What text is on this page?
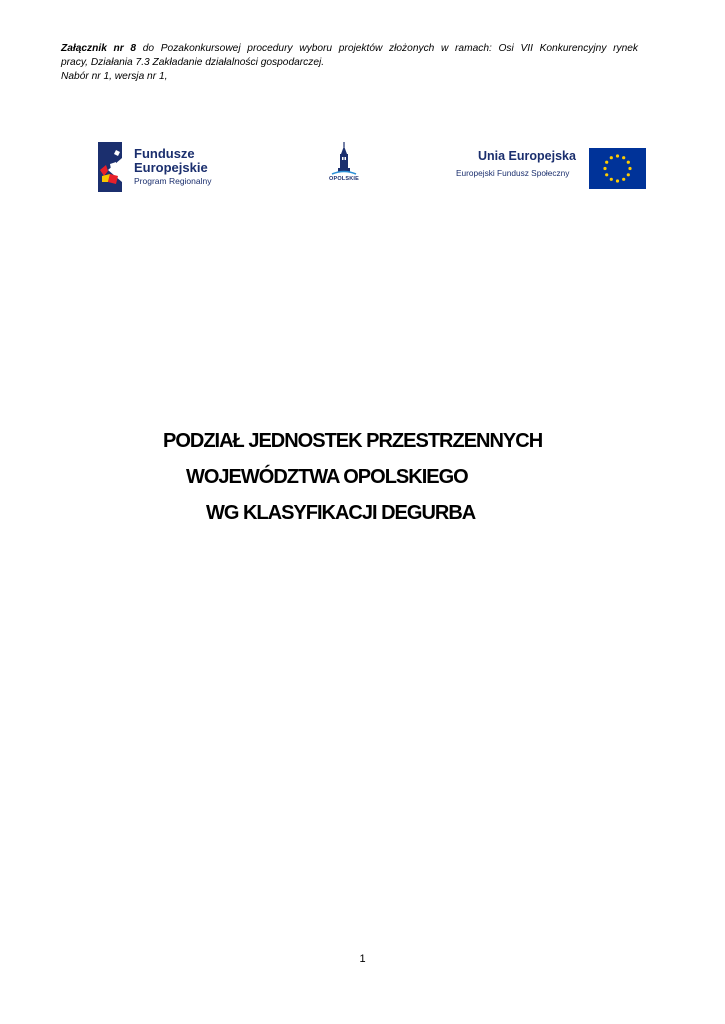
Załącznik nr 8 do Pozakonkursowej procedury wyboru projektów złożonych w ramach: Osi VII Konkurencyjny rynek
pracy, Działania 7.3 Zakładanie działalności gospodarczej.
Nabór nr 1, wersja nr 1,
Fundusze
Europejskie
Program Regionalny	OPOLSKIE
Unia Europejska
Europejski Fundusz Społeczny
PODZIAŁ JEDNOSTEK PRZESTRZENNYCH
WOJEWÓDZTWA OPOLSKIEGO
WG KLASYFIKACJI DEGURBA
1
